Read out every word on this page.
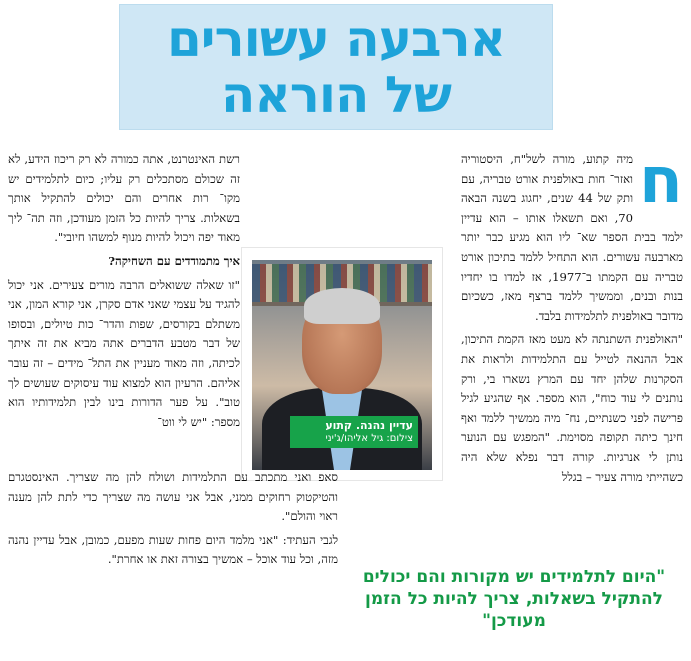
ארבעה עשורים
של הוראה
ח

מיה קתוע, מורה לשל"ח, היסטוריה ואזר־ חות באולפנית אורט טבריה, עם ותק של 44 שנים, יחגוג בשנה הבאה 70, ואם תשאלו אותו – הוא עדיין ילמד בבית הספר שא־ ליו הוא מגיע כבר יותר מארבעה עשורים. הוא התחיל ללמד בתיכון אורט טבריה עם הקמתו ב־1977, אז למדו בו יחדיו בנות ובנים, וממשיך ללמד ברצף מאז, כשכיום מדובר באולפנית לתלמידות בלבד.

"האולפנית השתנתה לא מעט מאז הקמת התיכון, אבל ההנאה לטייל עם התלמידות ולראות את הסקרנות שלהן יחד עם המרץ נשארו בי, ורק נותנים לי עוד כוח", הוא מספר. אף שהגיע לגיל פרישה לפני כשנתיים, נח־ מיה ממשיך ללמד ואף חינך כיתה תקופה מסוימת. "המפגש עם הנוער נותן לי אנרגיות. קורה דבר נפלא שלא היה כשהייתי מורה צעיר – בגלל

רשת האינטרנט, אתה כמורה לא רק ריכוז הידע, לא זה שכולם מסתכלים רק עליו; כיום לתלמידים יש מקו־ רות אחרים והם יכולים להתקיל אותך בשאלות. צריך להיות כל הזמן מעודכן, וזה תה־ ליך מאוד יפה ויכול להיות מנוף למשהו חיובי".

איך מתמודדים עם השחיקה?

"זו שאלה ששואלים הרבה מורים צעירים. אני יכול להגיד על עצמי שאני אדם סקרן, אני קורא המון, אני משתלם בקורסים, שפות והדר־ כות טיולים, ובסופו של דבר מטבע הדברים אתה מביא את זה איתך לכיתה, וזה מאוד מעניין את התל־ מידים – זה עובר אליהם. הרעיון הוא למצוא עוד עיסוקים שעושים לך טוב". על פער הדורות בינו לבין תלמידותיו הוא מספר: "יש לי ווט־	עדיין נהנה. קתוע
צילום: גיל אליהו/ג'יני

סאפ ואני מתכתב עם התלמידות ושולח להן מה שצריך. האינסטגרם והטיקטוק רחוקים ממני, אבל אני עושה מה שצריך כדי לתת להן מענה ראוי והולם".

לגבי העתיד: "אני מלמד היום פחות שעות מפעם, כמובן, אבל עדיין נהנה מזה, וכל עוד אוכל – אמשיך בצורה זאת או אחרת".

"היום לתלמידים יש מקורות והם יכולים להתקיל בשאלות, צריך להיות כל הזמן מעודכן"
